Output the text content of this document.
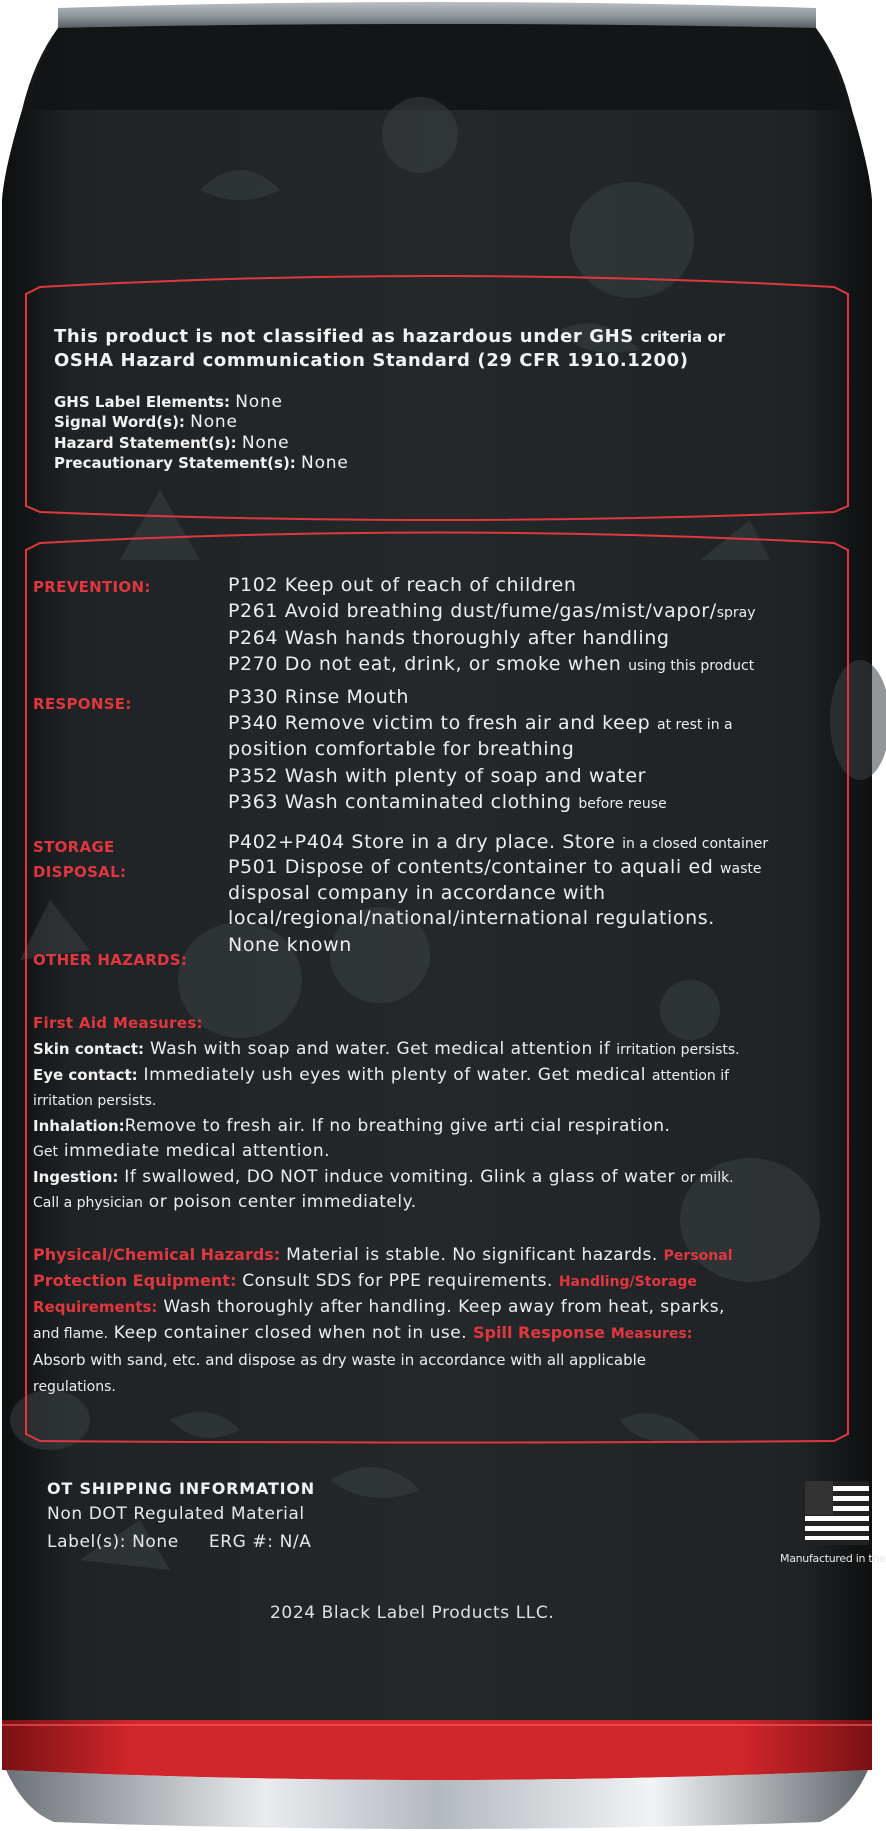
This product is not classified as hazardous under GHS criteria or
OSHA Hazard communication Standard (29 CFR 1910.1200)
GHS Label Elements: None
Signal Word(s): None
Hazard Statement(s): None
Precautionary Statement(s): None
PREVENTION:
RESPONSE:
STORAGE
DISPOSAL:
OTHER HAZARDS:
P102 Keep out of reach of children
P261 Avoid breathing dust/fume/gas/mist/vapor/spray
P264 Wash hands thoroughly after handling
P270 Do not eat, drink, or smoke when using this product
P330 Rinse Mouth
P340 Remove victim to fresh air and keep at rest in a
position comfortable for breathing
P352 Wash with plenty of soap and water
P363 Wash contaminated clothing before reuse
P402+P404 Store in a dry place. Store in a closed container
P501 Dispose of contents/container to aquali ed waste
disposal company in accordance with
local/regional/national/international regulations.
None known
First Aid Measures:
Skin contact: Wash with soap and water. Get medical attention if irritation persists.
Eye contact: Immediately ush eyes with plenty of water. Get medical attention if
irritation persists.
Inhalation:Remove to fresh air. If no breathing give arti cial respiration.
Get immediate medical attention.
Ingestion: If swallowed, DO NOT induce vomiting. Glink a glass of water or milk.
Call a physician or poison center immediately.
Physical/Chemical Hazards: Material is stable. No significant hazards. Personal
Protection Equipment: Consult SDS for PPE requirements. Handling/Storage
Requirements: Wash thoroughly after handling. Keep away from heat, sparks,
and flame. Keep container closed when not in use. Spill Response Measures:
Absorb with sand, etc. and dispose as dry waste in accordance with all applicable
regulations.
OT SHIPPING INFORMATION
Non DOT Regulated Material
Label(s): None     ERG #: N/A
Manufactured in the
2024 Black Label Products LLC.
